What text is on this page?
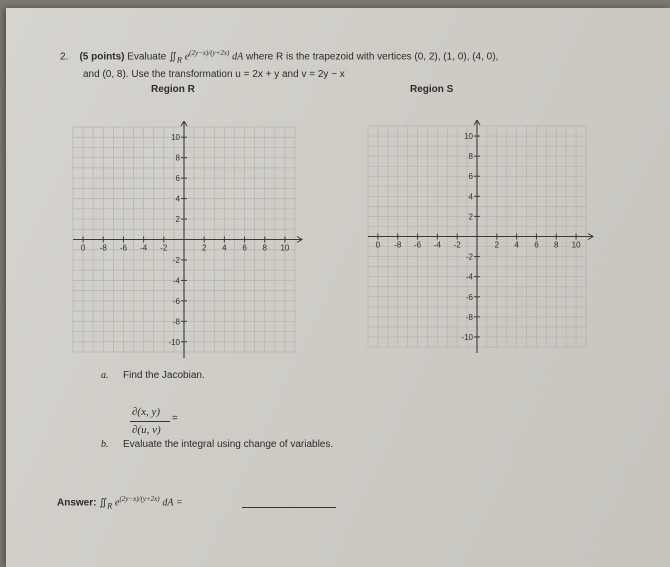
2. (5 points) Evaluate $∬_R$ $e^{(2y-x)/(y+2x)}$ dA where R is the trapezoid with vertices (0, 2), (1, 0), (4, 0),
and (0, 8). Use the transformation u = 2x + y and v = 2y − x
Region R	Region S
0 -8 -6 -4 -2	2 4 6 8 10
10
8
6
4
2
-2
-4
-6
-8
-10
0 -8 -6 -4 -2	2 4 6 8 10
10
8
6
4
2
-2
-4
-6
-8
-10
a. Find the Jacobian.
∂(x, y)
∂(u, v)
=
b. Evaluate the integral using change of variables.
Answer: $∬_R$ $e^{(2y-x)/(y+2x)}$ dA =
